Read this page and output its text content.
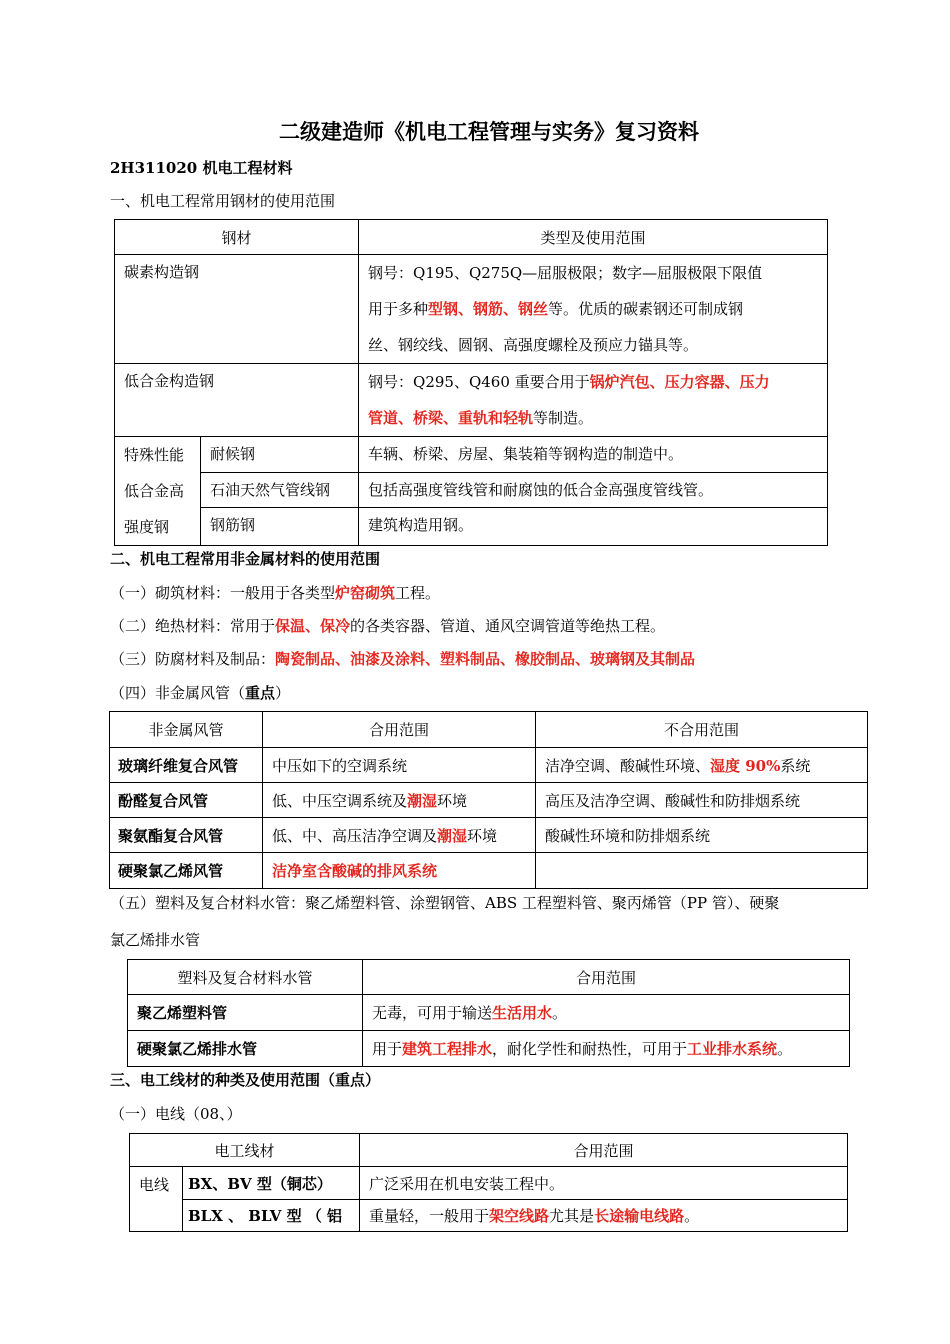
二级建造师《机电工程管理与实务》复习资料
2H311020 机电工程材料
一、机电工程常用钢材的使用范围
钢材		类型及使用范围
碳素构造钢		钢号：Q195、Q275Q—屈服极限；数字—屈服极限下限值
用于多种型钢、钢筋、钢丝等。优质的碳素钢还可制成钢
丝、钢绞线、圆钢、高强度螺栓及预应力锚具等。

低合金构造钢		钢号：Q295、Q460 重要合用于锅炉汽包、压力容器、压力
管道、桥梁、重轨和轻轨等制造。

特殊性能
低合金高
强度钢	耐候钢	车辆、桥梁、房屋、集装箱等钢构造的制造中。
	石油天然气管线钢	包括高强度管线管和耐腐蚀的低合金高强度管线管。
	钢筋钢	建筑构造用钢。
二、机电工程常用非金属材料的使用范围
（一）砌筑材料：一般用于各类型炉窑砌筑工程。
（二）绝热材料：常用于保温、保冷的各类容器、管道、通风空调管道等绝热工程。
（三）防腐材料及制品：陶瓷制品、油漆及涂料、塑料制品、橡胶制品、玻璃钢及其制品
（四）非金属风管（重点）
非金属风管	合用范围	不合用范围
玻璃纤维复合风管	中压如下的空调系统	洁净空调、酸碱性环境、湿度 90%系统
酚醛复合风管	低、中压空调系统及潮湿环境	高压及洁净空调、酸碱性和防排烟系统
聚氨酯复合风管	低、中、高压洁净空调及潮湿环境	酸碱性环境和防排烟系统
硬聚氯乙烯风管	洁净室含酸碱的排风系统	
（五）塑料及复合材料水管：聚乙烯塑料管、涂塑钢管、ABS 工程塑料管、聚丙烯管（PP 管）、硬聚
氯乙烯排水管
塑料及复合材料水管	合用范围
聚乙烯塑料管	无毒，可用于输送生活用水。
硬聚氯乙烯排水管	用于建筑工程排水，耐化学性和耐热性，可用于工业排水系统。
三、电工线材的种类及使用范围（重点）
（一）电线（08、）
电工线材		合用范围
电线	BX、BV 型（铜芯）	广泛采用在机电安装工程中。
	BLX 、 BLV 型 （ 铝	重量轻，一般用于架空线路尤其是长途输电线路。
